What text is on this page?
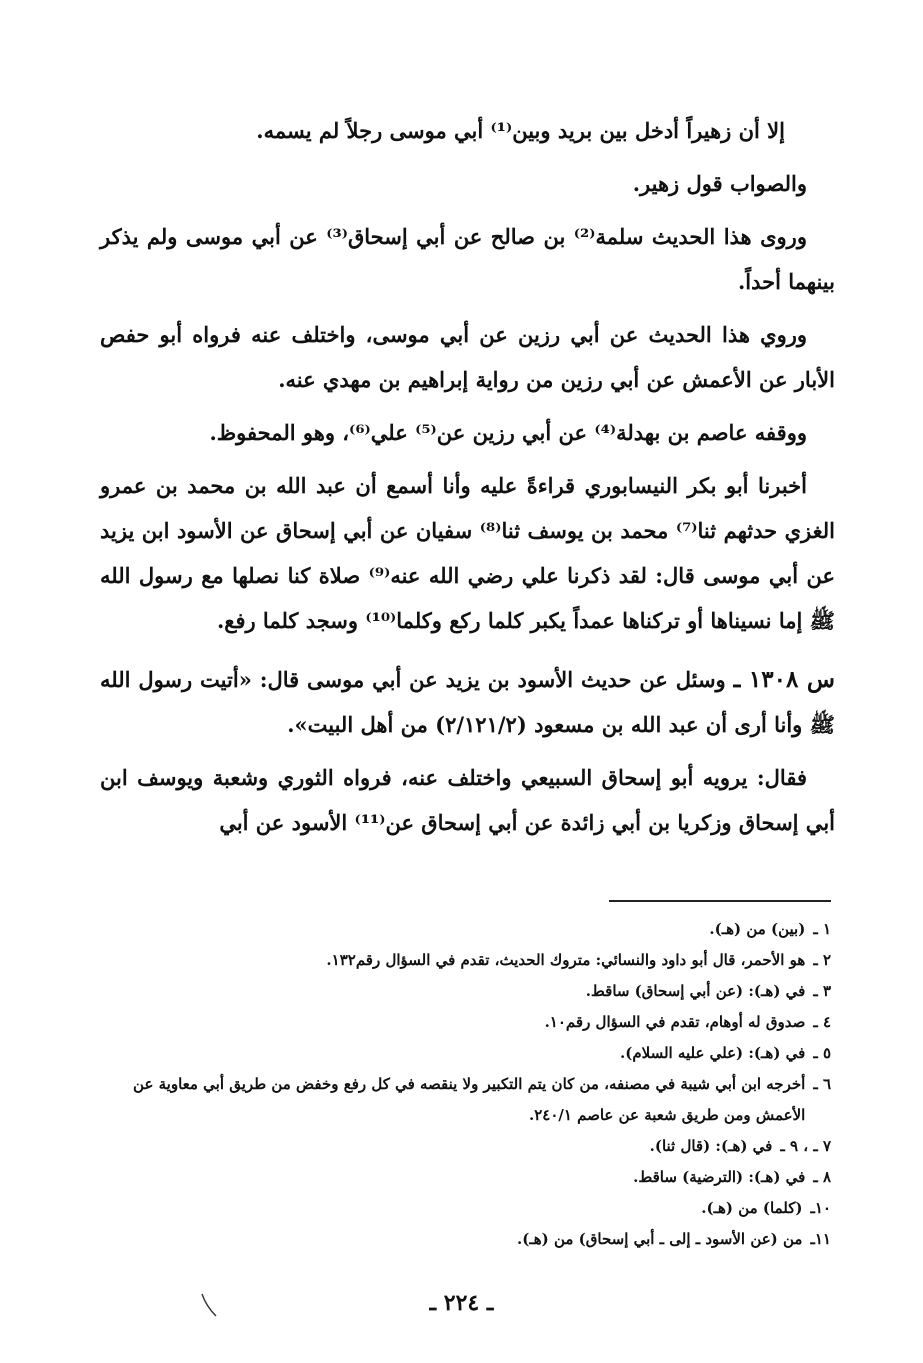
إلا أن زهيراً أدخل بين بريد وبين⁽¹⁾ أبي موسى رجلاً لم يسمه.

والصواب قول زهير.

وروى هذا الحديث سلمة⁽²⁾ بن صالح عن أبي إسحاق⁽³⁾ عن أبي موسى ولم يذكر بينهما أحداً.

وروي هذا الحديث عن أبي رزين عن أبي موسى، واختلف عنه فرواه أبو حفص الأبار عن الأعمش عن أبي رزين من رواية إبراهيم بن مهدي عنه.

ووقفه عاصم بن بهدلة⁽⁴⁾ عن أبي رزين عن⁽⁵⁾ علي⁽⁶⁾، وهو المحفوظ.

أخبرنا أبو بكر النيسابوري قراءةً عليه وأنا أسمع أن عبد الله بن محمد بن عمرو الغزي حدثهم ثنا⁽⁷⁾ محمد بن يوسف ثنا⁽⁸⁾ سفيان عن أبي إسحاق عن الأسود ابن يزيد عن أبي موسى قال: لقد ذكرنا علي رضي الله عنه⁽⁹⁾ صلاة كنا نصلها مع رسول الله ﷺ إما نسيناها أو تركناها عمداً يكبر كلما ركع وكلما⁽¹⁰⁾ وسجد كلما رفع.

س ١٣٠٨ ـ وسئل عن حديث الأسود بن يزيد عن أبي موسى قال: «أتيت رسول الله ﷺ وأنا أرى أن عبد الله بن مسعود (٢/١٢١/٢) من أهل البيت».

فقال: يرويه أبو إسحاق السبيعي واختلف عنه، فرواه الثوري وشعبة ويوسف ابن أبي إسحاق وزكريا بن أبي زائدة عن أبي إسحاق عن⁽¹¹⁾ الأسود عن أبي

١ ـ
(بين) من (هـ).
٢ ـ
هو الأحمر، قال أبو داود والنسائي: متروك الحديث، تقدم في السؤال رقم١٣٢.
٣ ـ
في (هـ): (عن أبي إسحاق) ساقط.
٤ ـ
صدوق له أوهام، تقدم في السؤال رقم١٠.
٥ ـ
في (هـ): (علي عليه السلام).
٦ ـ
أخرجه ابن أبي شيبة في مصنفه، من كان يتم التكبير ولا ينقصه في كل رفع وخفض من طريق أبي معاوية عن الأعمش ومن طريق شعبة عن عاصم ٢٤٠/١.
٧ ـ ، ٩ ـ
في (هـ): (قال ثنا).
٨ ـ
في (هـ): (الترضية) ساقط.
١٠ـ
(كلما) من (هـ).
١١ـ
من (عن الأسود ـ إلى ـ أبي إسحاق) من (هـ).
ـ ٢٢٤ ـ
